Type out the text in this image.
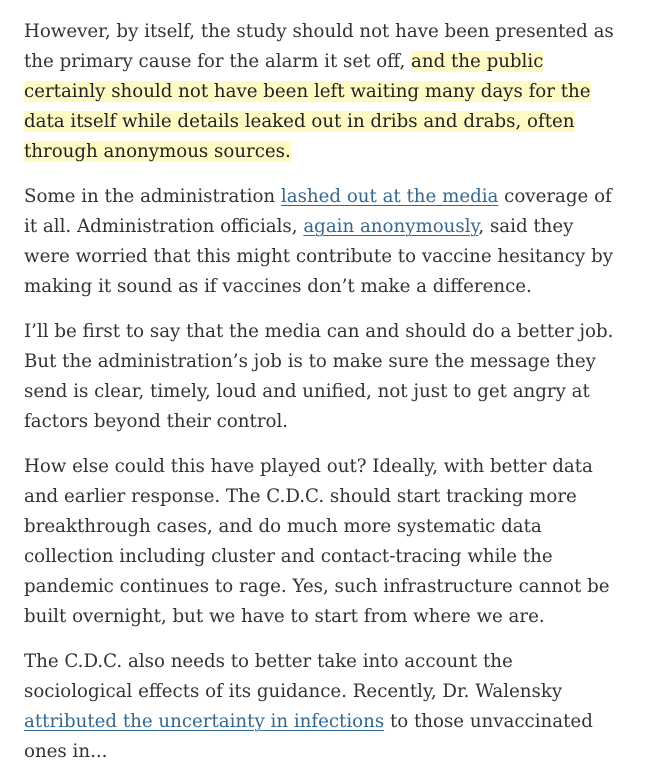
However, by itself, the study should not have been presented as the primary cause for the alarm it set off, and the public certainly should not have been left waiting many days for the data itself while details leaked out in dribs and drabs, often through anonymous sources.

Some in the administration lashed out at the media coverage of it all. Administration officials, again anonymously, said they were worried that this might contribute to vaccine hesitancy by making it sound as if vaccines don’t make a difference.

I’ll be first to say that the media can and should do a better job. But the administration’s job is to make sure the message they send is clear, timely, loud and unified, not just to get angry at factors beyond their control.

How else could this have played out? Ideally, with better data and earlier response. The C.D.C. should start tracking more breakthrough cases, and do much more systematic data collection including cluster and contact-tracing while the pandemic continues to rage. Yes, such infrastructure cannot be built overnight, but we have to start from where we are.

The C.D.C. also needs to better take into account the sociological effects of its guidance. Recently, Dr. Walensky attributed the uncertainty in infections to those unvaccinated ones in...
